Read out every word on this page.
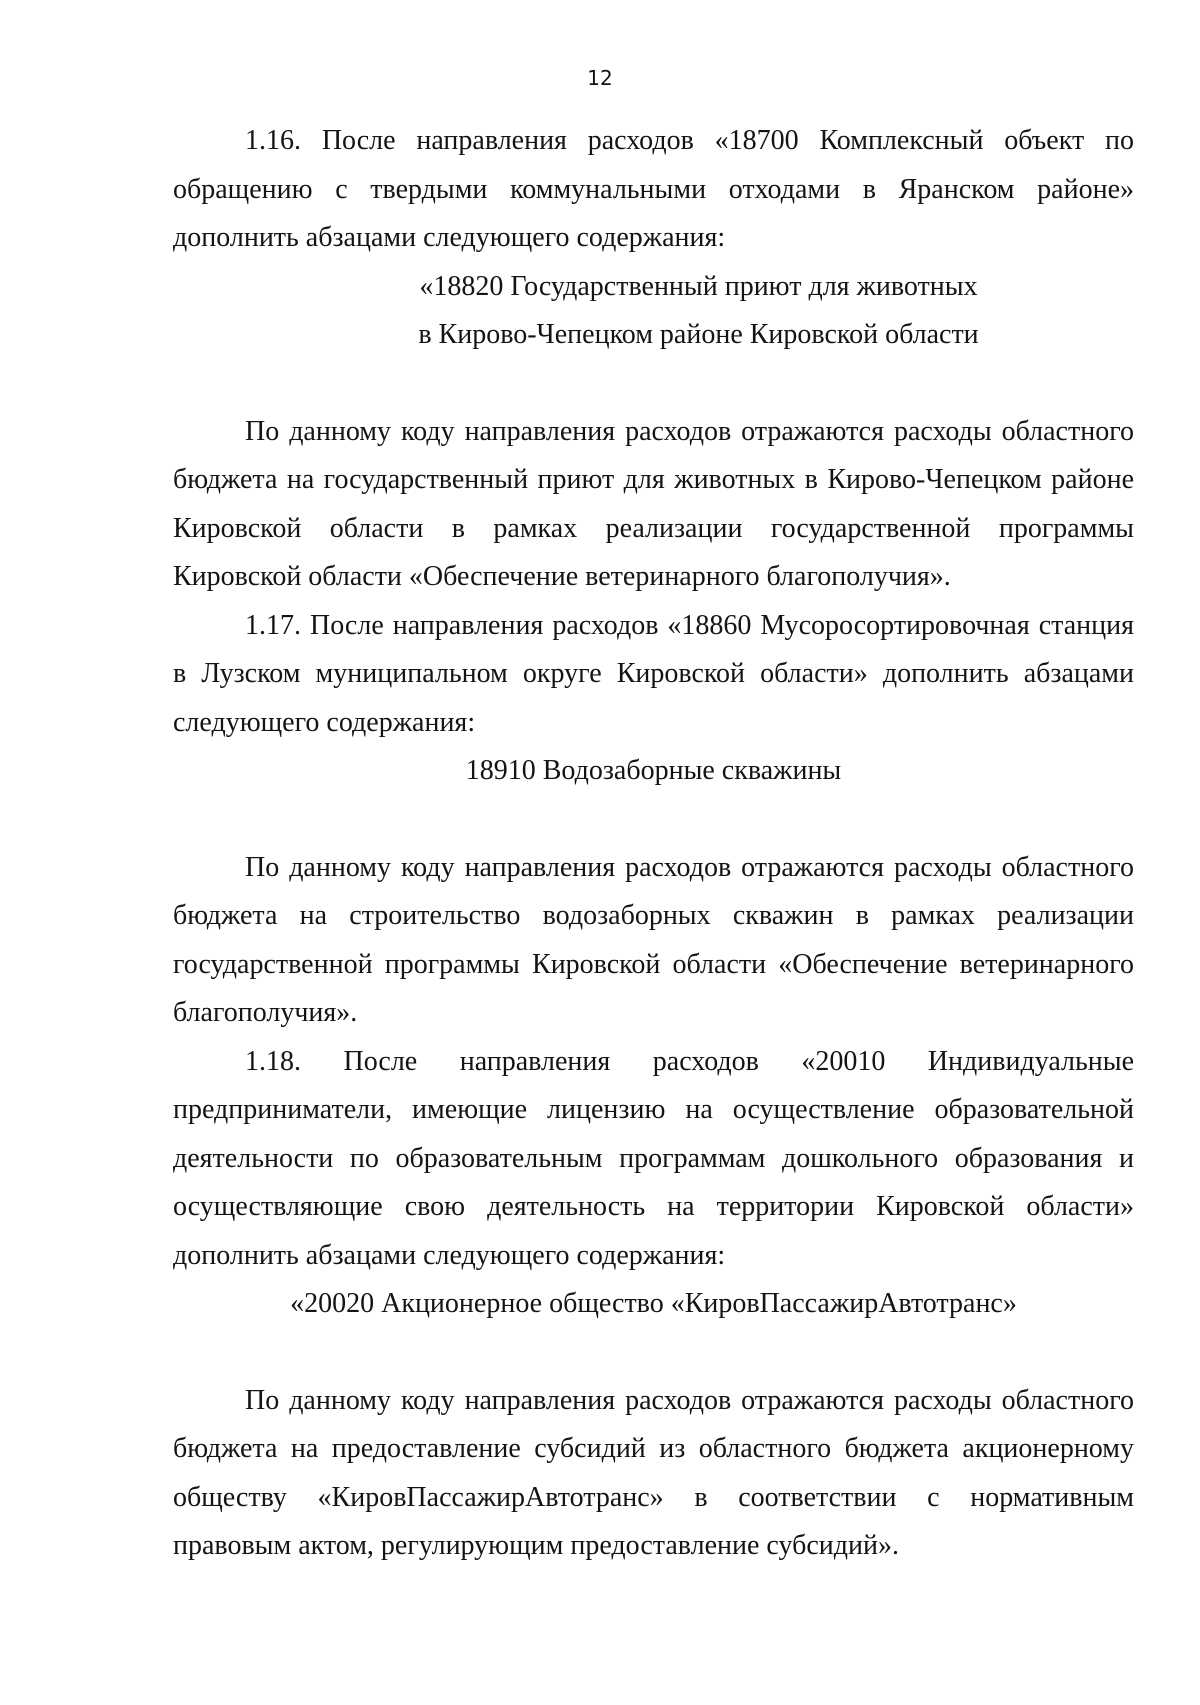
12

1.16. После направления расходов «18700 Комплексный объект по обращению с твердыми коммунальными отходами в Яранском районе» дополнить абзацами следующего содержания:

«18820 Государственный приют для животных

в Кирово-Чепецком районе Кировской области

По данному коду направления расходов отражаются расходы областного бюджета на государственный приют для животных в Кирово-Чепецком районе Кировской области в рамках реализации государственной программы Кировской области «Обеспечение ветеринарного благополучия».

1.17. После направления расходов «18860 Мусоросортировочная станция в Лузском муниципальном округе Кировской области» дополнить абзацами следующего содержания:

18910 Водозаборные скважины

По данному коду направления расходов отражаются расходы областного бюджета на строительство водозаборных скважин в рамках реализации государственной программы Кировской области «Обеспечение ветеринарного благополучия».

1.18. После направления расходов «20010 Индивидуальные предприниматели, имеющие лицензию на осуществление образовательной деятельности по образовательным программам дошкольного образования и осуществляющие свою деятельность на территории Кировской области» дополнить абзацами следующего содержания:

«20020 Акционерное общество «КировПассажирАвтотранс»

По данному коду направления расходов отражаются расходы областного бюджета на предоставление субсидий из областного бюджета акционерному обществу «КировПассажирАвтотранс» в соответствии с нормативным правовым актом, регулирующим предоставление субсидий».
